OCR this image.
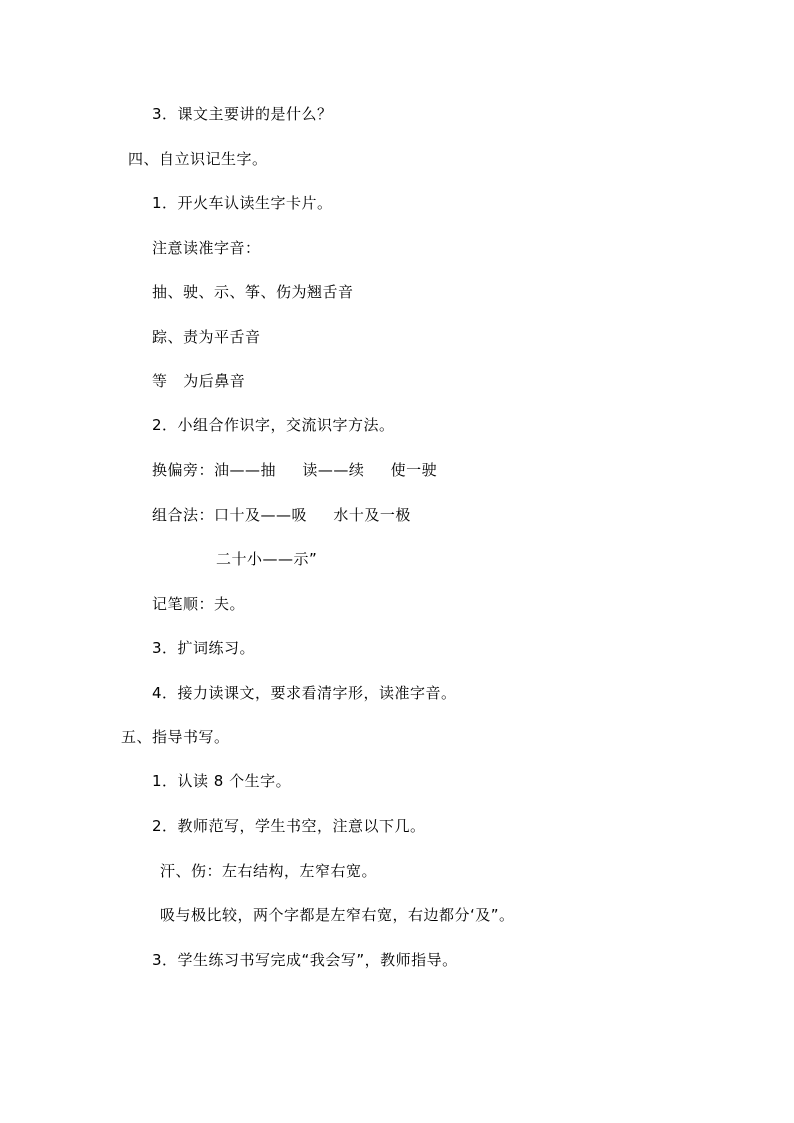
3．课文主要讲的是什么？
四、自立识记生字。
1．开火车认读生字卡片。
注意读准字音：
抽、驶、示、筝、伤为翘舌音
踪、责为平舌音
等   为后鼻音
2．小组合作识字，交流识字方法。
换偏旁：油——抽     读——续     使一驶
组合法：口十及——吸     水十及一极
二十小——示”
记笔顺：夫。
3．扩词练习。
4．接力读课文，要求看清字形，读准字音。
五、指导书写。
1．认读 8 个生字。
2．教师范写，学生书空，注意以下几。
汗、伤：左右结构，左窄右宽。
吸与极比较，两个字都是左窄右宽，右边都分‘及”。
3．学生练习书写完成“我会写”，教师指导。
